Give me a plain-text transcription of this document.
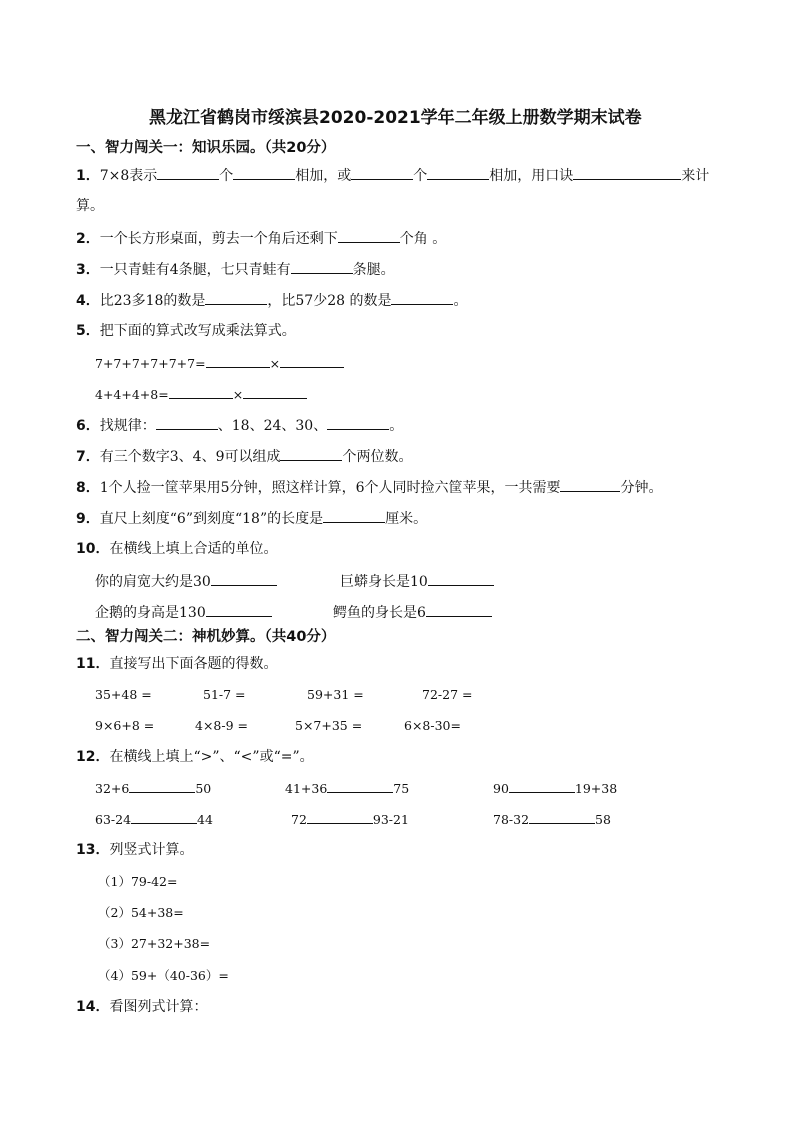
黑龙江省鹤岗市绥滨县2020-2021学年二年级上册数学期末试卷
一、智力闯关一：知识乐园。（共20分）
1．7×8表示	个	相加，或	个	相加，用口诀	来计
算。
2．一个长方形桌面，剪去一个角后还剩下	个角 。
3．一只青蛙有4条腿，七只青蛙有	条腿。
4．比23多18的数是	，比57少28 的数是	。
5．把下面的算式改写成乘法算式。
7+7+7+7+7+7=	×
4+4+4+8=	×
6．找规律：	、18、24、30、	。
7．有三个数字3、4、9可以组成	个两位数。
8．1个人捡一筐苹果用5分钟，照这样计算，6个人同时捡六筐苹果，一共需要	分钟。
9．直尺上刻度“6”到刻度“18”的长度是	厘米。
10．在横线上填上合适的单位。
你的肩宽大约是30	巨蟒身长是10
企鹅的身高是130	鳄鱼的身长是6
二、智力闯关二：神机妙算。（共40分）
11．直接写出下面各题的得数。
35+48 =	51-7 =	59+31 =	72-27 =
9×6+8 =	4×8-9 =	5×7+35 =	6×8-30=
12．在横线上填上“>”、“<”或“=”。
32+6	50	41+36	75	90	19+38
63-24	44	72	93-21	78-32	58
13．列竖式计算。
（1）79-42=
（2）54+38=
（3）27+32+38=
（4）59+（40-36）=
14．看图列式计算：
